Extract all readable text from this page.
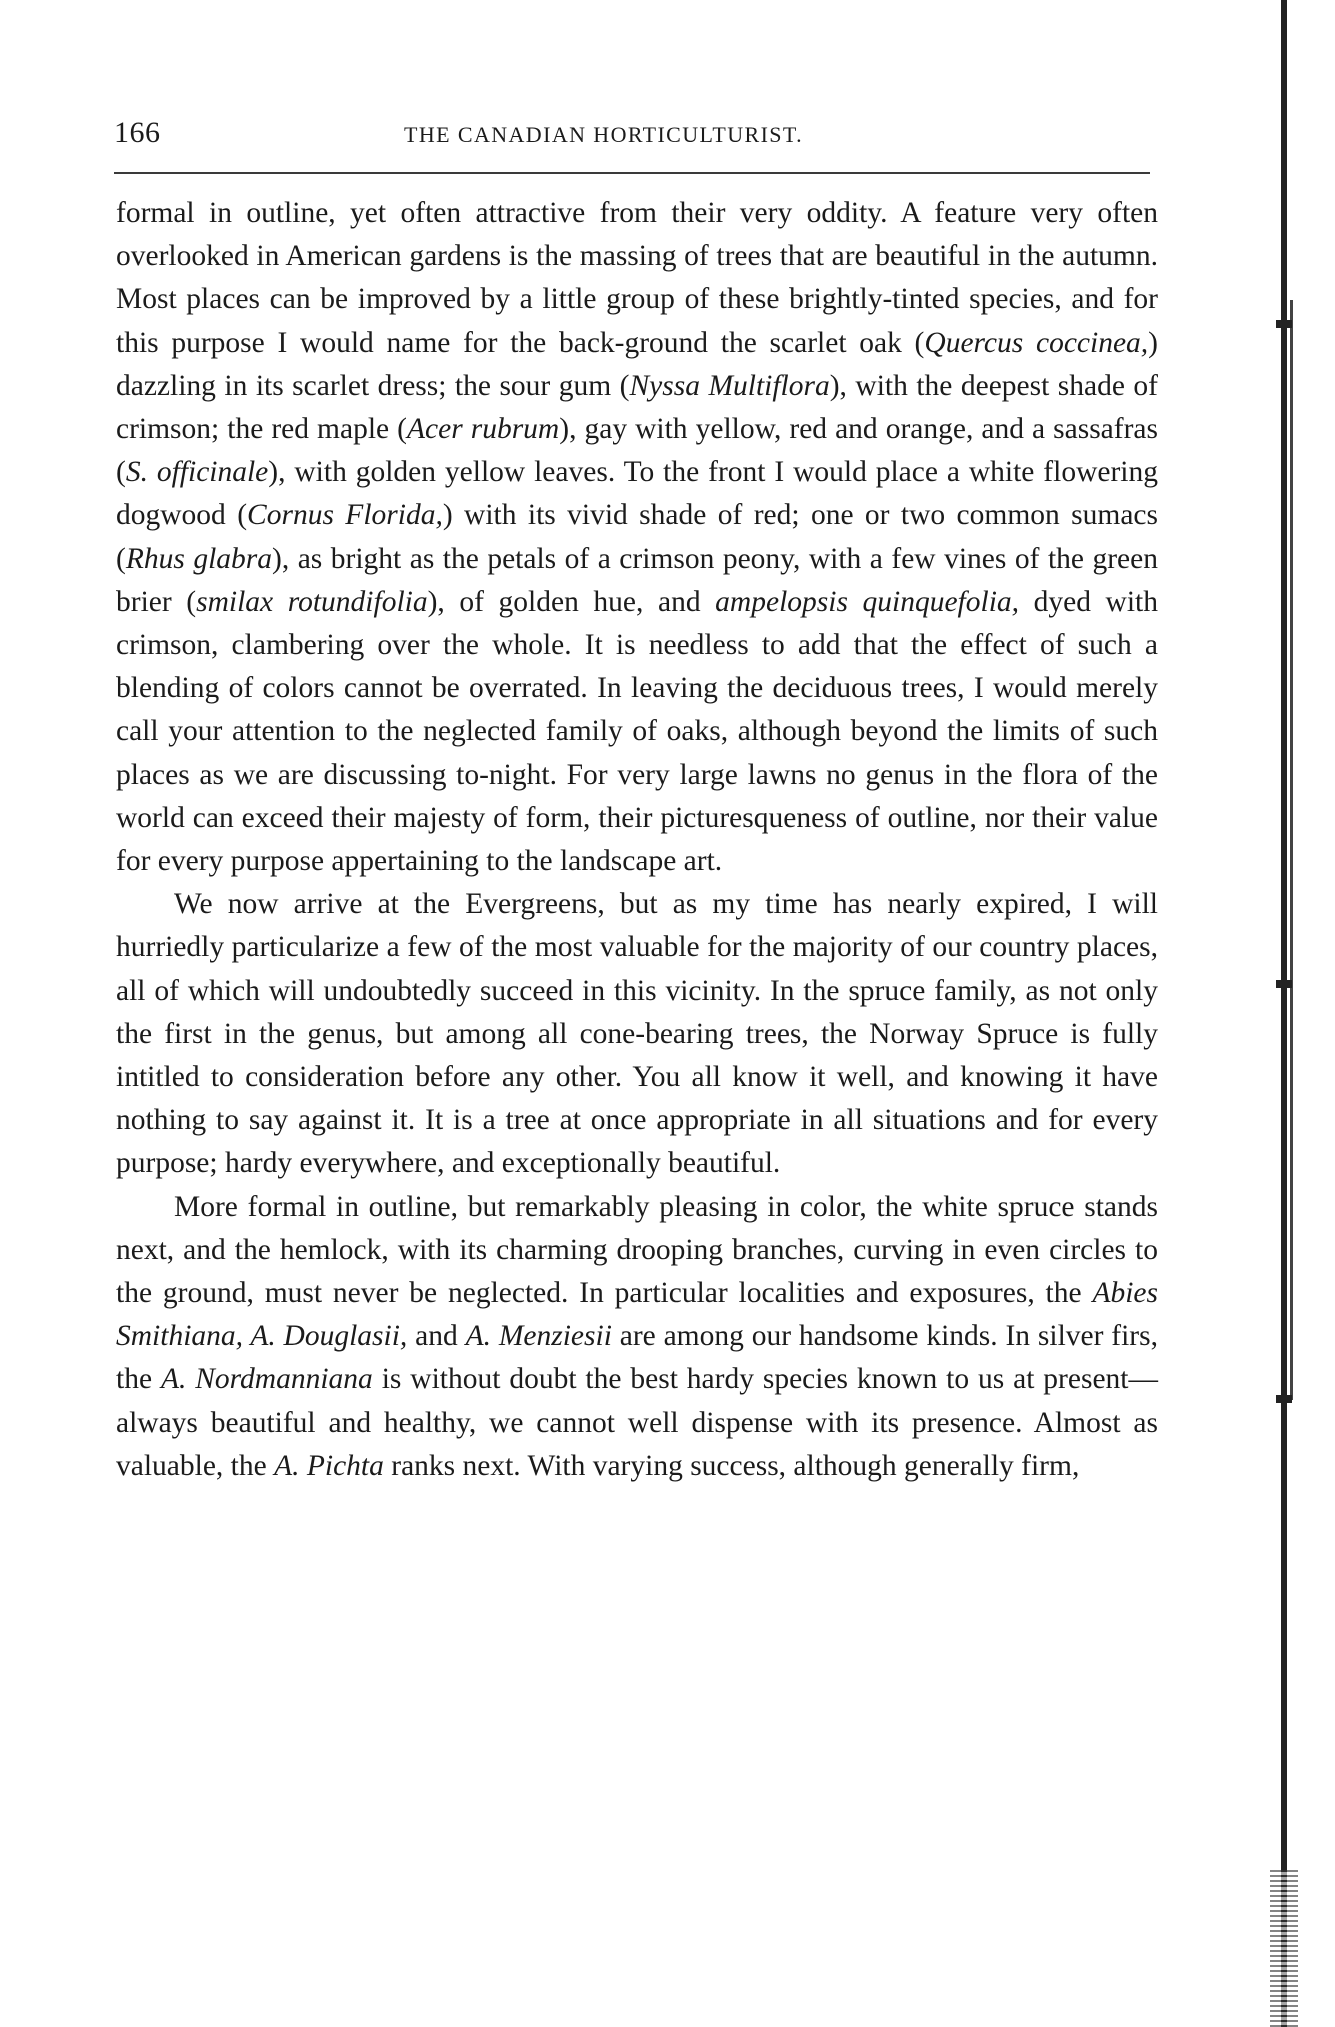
166	THE CANADIAN HORTICULTURIST.

formal in outline, yet often attractive from their very oddity. A feature very often overlooked in American gardens is the massing of trees that are beautiful in the autumn. Most places can be improved by a little group of these brightly-tinted species, and for this purpose I would name for the back-ground the scarlet oak (Quercus coccinea,) dazzling in its scarlet dress; the sour gum (Nyssa Multiflora), with the deepest shade of crimson; the red maple (Acer rubrum), gay with yellow, red and orange, and a sassafras (S. officinale), with golden yellow leaves. To the front I would place a white flowering dogwood (Cornus Florida,) with its vivid shade of red; one or two common sumacs (Rhus glabra), as bright as the petals of a crimson peony, with a few vines of the green brier (smilax rotundifolia), of golden hue, and ampelopsis quinquefolia, dyed with crimson, clambering over the whole. It is needless to add that the effect of such a blending of colors cannot be overrated. In leaving the deciduous trees, I would merely call your attention to the neglected family of oaks, although beyond the limits of such places as we are discussing to-night. For very large lawns no genus in the flora of the world can exceed their majesty of form, their picturesqueness of outline, nor their value for every purpose appertaining to the landscape art.

We now arrive at the Evergreens, but as my time has nearly expired, I will hurriedly particularize a few of the most valuable for the majority of our country places, all of which will undoubtedly succeed in this vicinity. In the spruce family, as not only the first in the genus, but among all cone-bearing trees, the Norway Spruce is fully intitled to consideration before any other. You all know it well, and knowing it have nothing to say against it. It is a tree at once appropriate in all situations and for every purpose; hardy everywhere, and exceptionally beautiful.

More formal in outline, but remarkably pleasing in color, the white spruce stands next, and the hemlock, with its charming drooping branches, curving in even circles to the ground, must never be neglected. In particular localities and exposures, the Abies Smithiana, A. Douglasii, and A. Menziesii are among our handsome kinds. In silver firs, the A. Nordmanniana is without doubt the best hardy species known to us at present—always beautiful and healthy, we cannot well dispense with its presence. Almost as valuable, the A. Pichta ranks next. With varying success, although generally firm,
